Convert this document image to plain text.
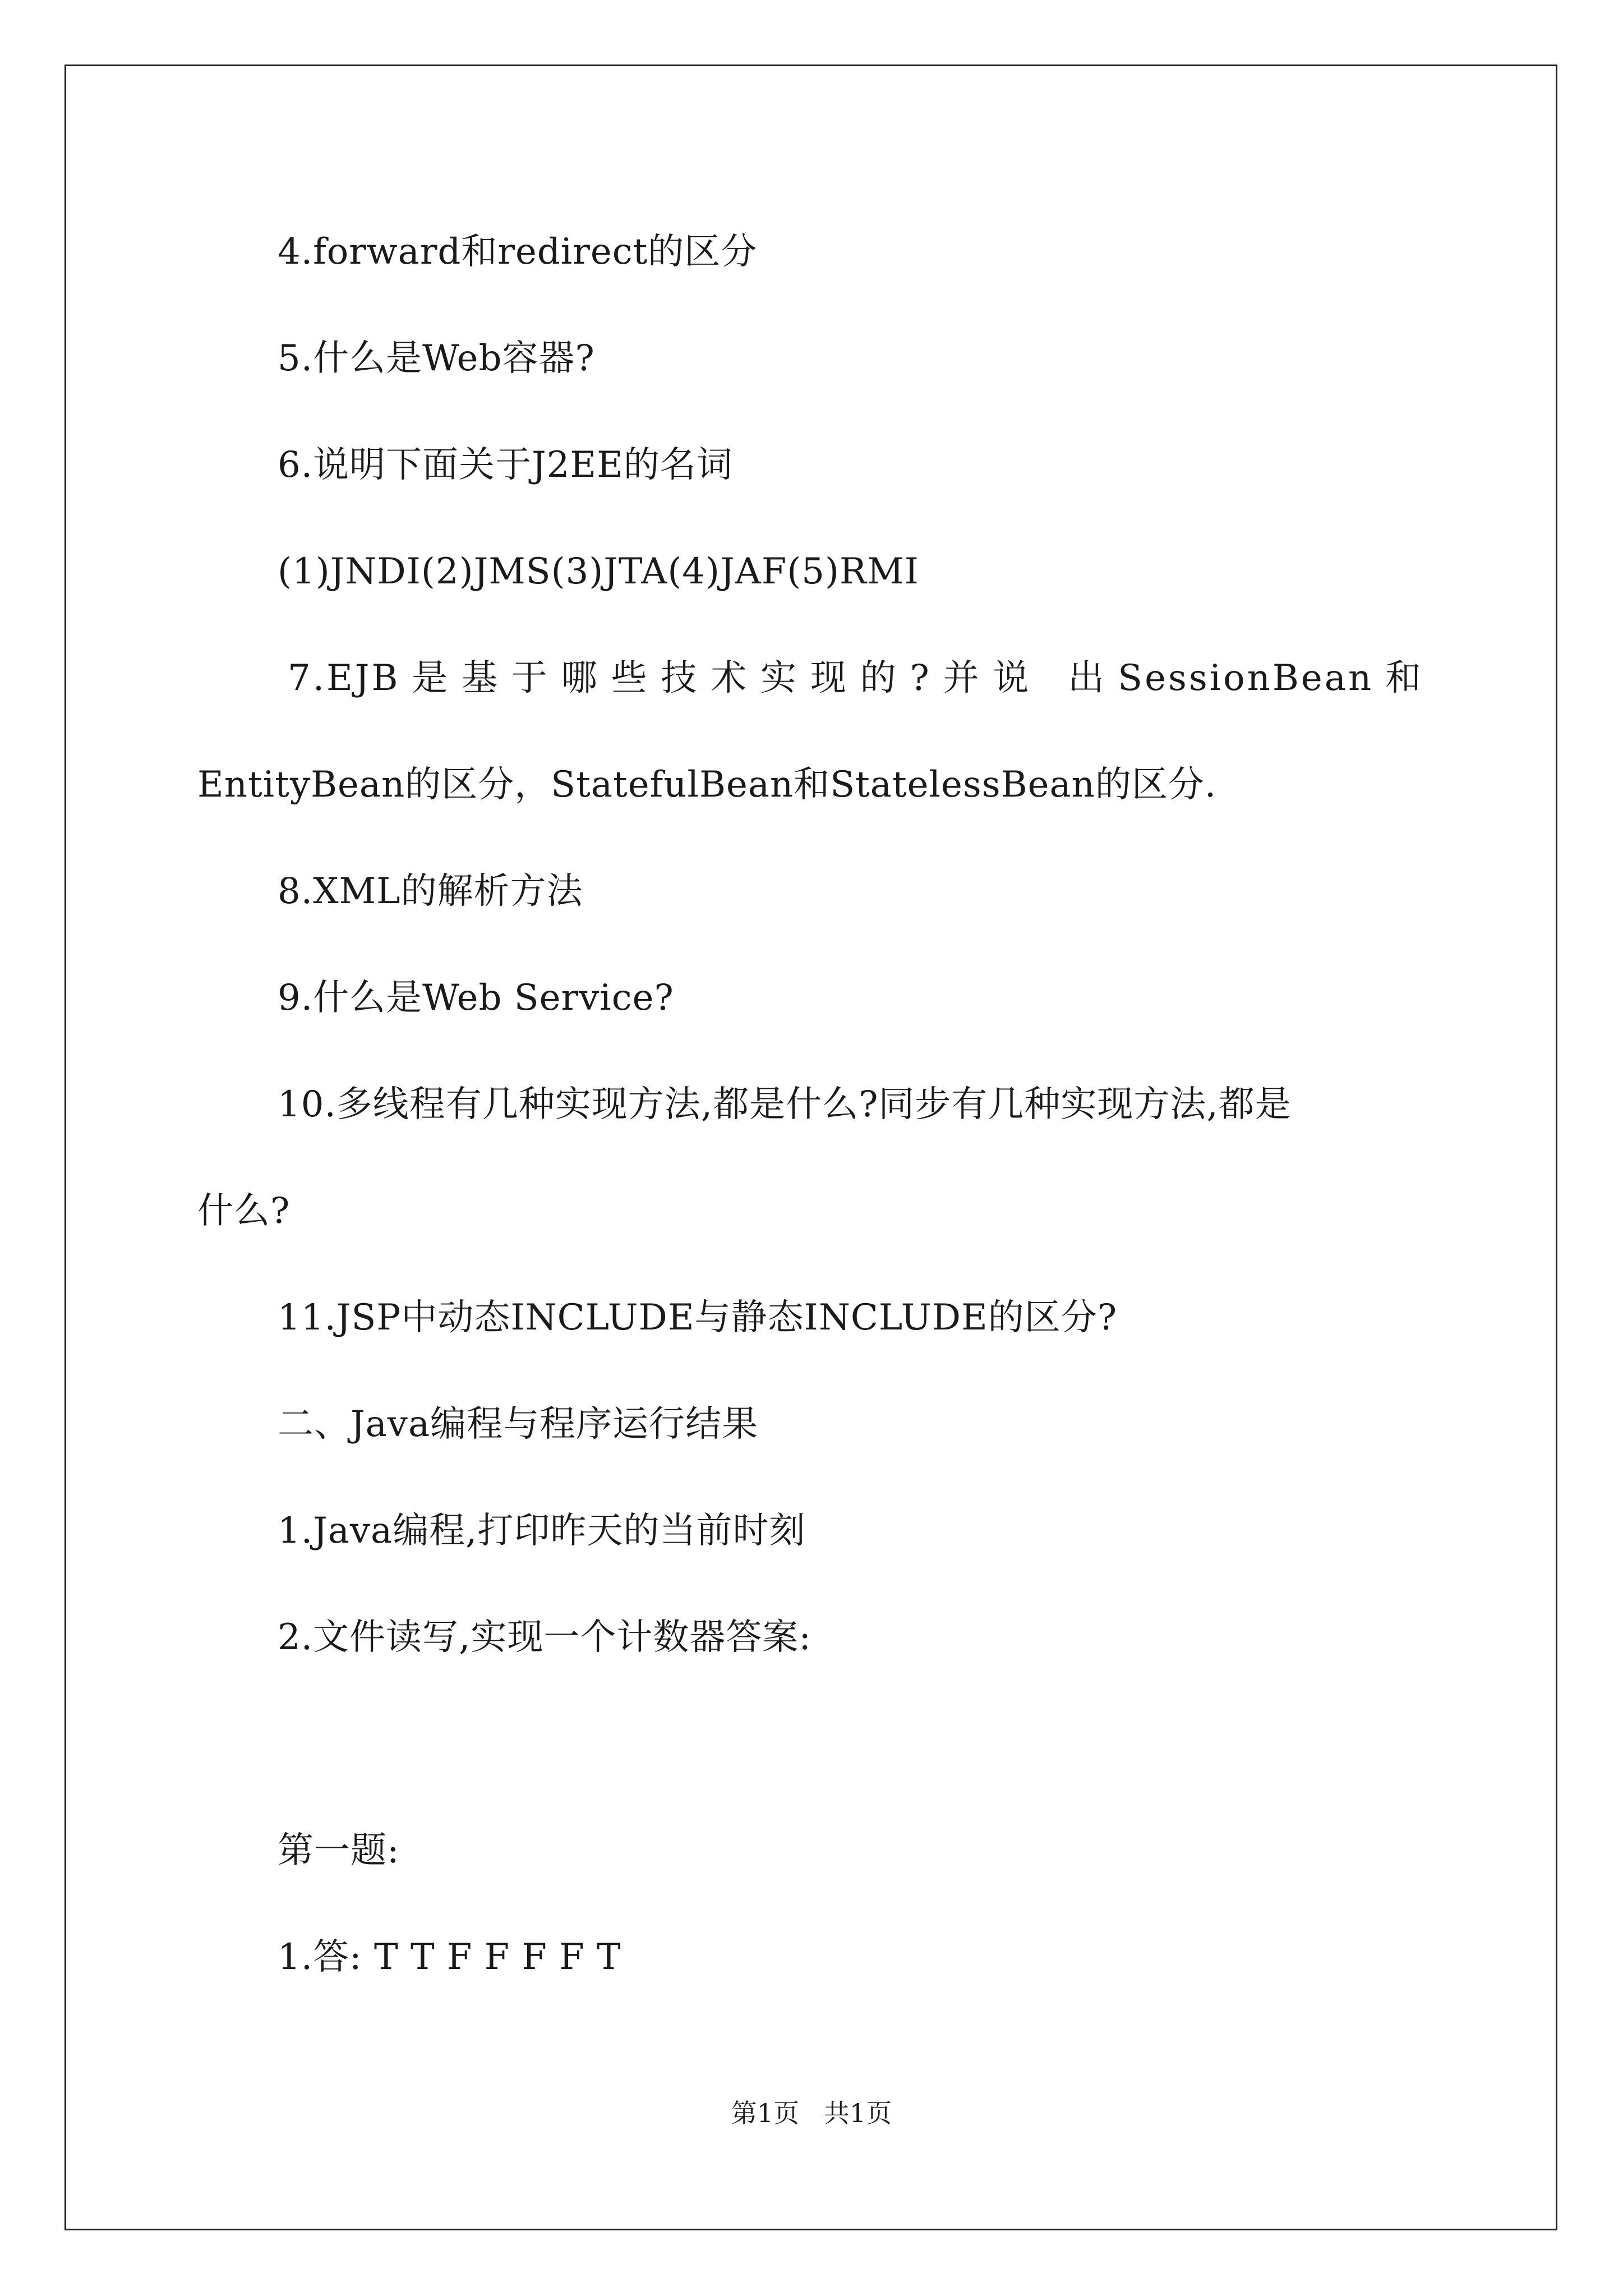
4.forward和redirect的区分
5.什么是Web容器?
6.说明下面关于J2EE的名词
(1)JNDI(2)JMS(3)JTA(4)JAF(5)RMI
7.EJB是基于哪些技术实现的?并说 出SessionBean和
EntityBean的区分，StatefulBean和StatelessBean的区分.
8.XML的解析方法
9.什么是Web Service?
10.多线程有几种实现方法,都是什么?同步有几种实现方法,都是
什么?
11.JSP中动态INCLUDE与静态INCLUDE的区分?
二、Java编程与程序运行结果
1.Java编程,打印昨天的当前时刻
2.文件读写,实现一个计数器答案:
第一题:
1.答: T T F F F F T
第1页   共1页
